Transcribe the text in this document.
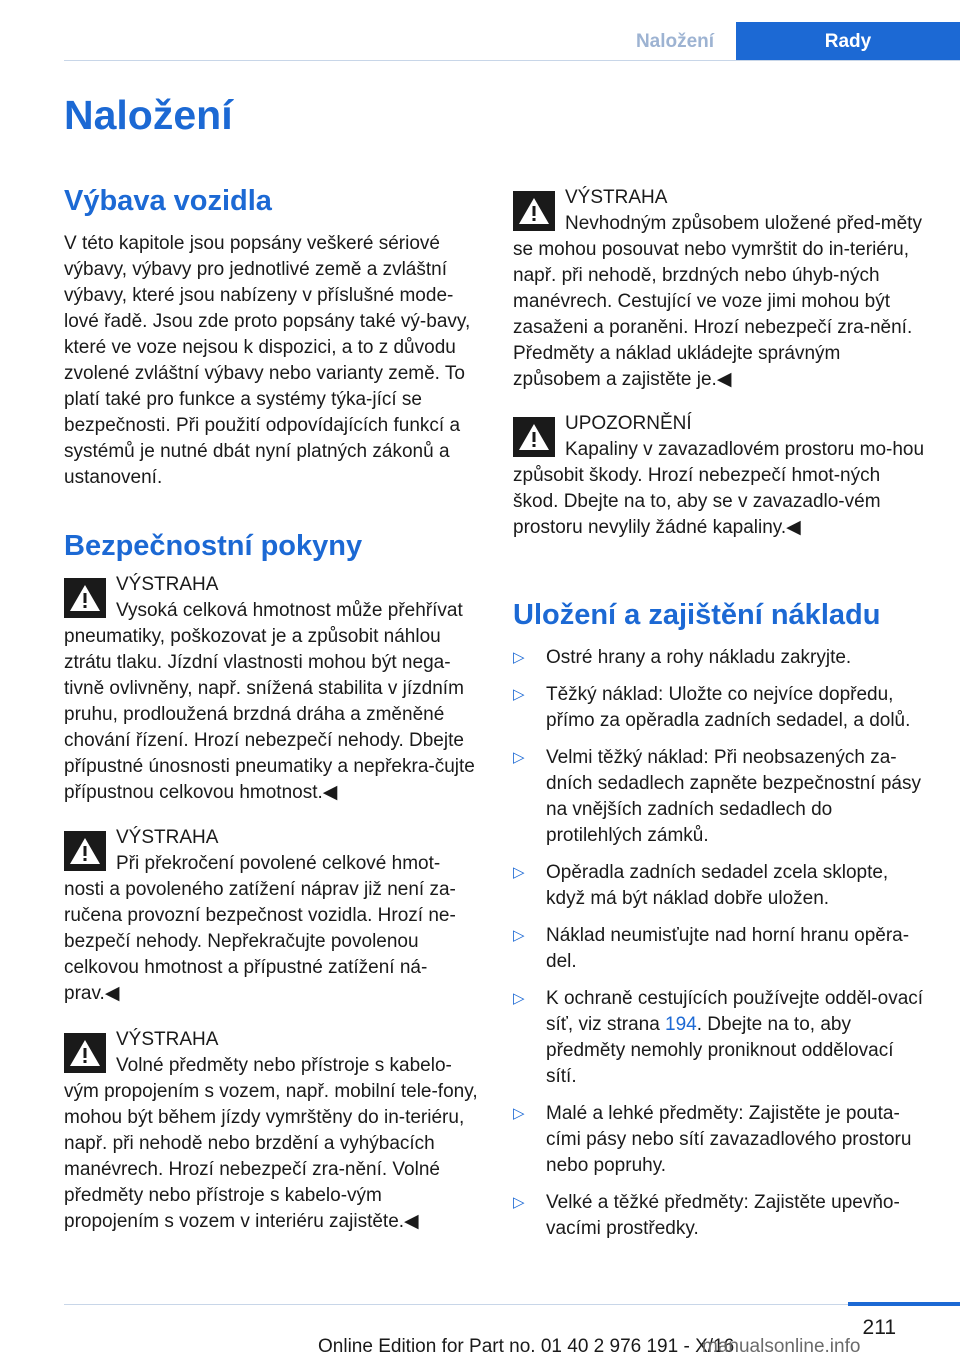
Naložení	Rady
Naložení
Výbava vozidla

V této kapitole jsou popsány veškeré sériové výbavy, výbavy pro jednotlivé země a zvláštní výbavy, které jsou nabízeny v příslušné mode‐lové řadě. Jsou zde proto popsány také vý‐bavy, které ve voze nejsou k dispozici, a to z důvodu zvolené zvláštní výbavy nebo varianty země. To platí také pro funkce a systémy týka‐jící se bezpečnosti. Při použití odpovídajících funkcí a systémů je nutné dbát nyní platných zákonů a ustanovení.

Bezpečnostní pokyny
VÝSTRAHA
Vysoká celková hmotnost může přehřívat pneumatiky, poškozovat je a způsobit náhlou ztrátu tlaku. Jízdní vlastnosti mohou být nega‐tivně ovlivněny, např. snížená stabilita v jízdním pruhu, prodloužená brzdná dráha a změněné chování řízení. Hrozí nebezpečí nehody. Dbejte přípustné únosnosti pneumatiky a nepřekra‐čujte přípustnou celkovou hmotnost.◀
VÝSTRAHA
Při překročení povolené celkové hmot‐nosti a povoleného zatížení náprav již není za‐ručena provozní bezpečnost vozidla. Hrozí ne‐bezpečí nehody. Nepřekračujte povolenou celkovou hmotnost a přípustné zatížení ná‐prav.◀
VÝSTRAHA
Volné předměty nebo přístroje s kabelo‐vým propojením s vozem, např. mobilní tele‐fony, mohou být během jízdy vymrštěny do in‐teriéru, např. při nehodě nebo brzdění a vyhýbacích manévrech. Hrozí nebezpečí zra‐nění. Volné předměty nebo přístroje s kabelo‐vým propojením s vozem v interiéru zajistěte.◀
VÝSTRAHA
Nevhodným způsobem uložené před‐měty se mohou posouvat nebo vymrštit do in‐teriéru, např. při nehodě, brzdných nebo úhyb‐ných manévrech. Cestující ve voze jimi mohou být zasaženi a poraněni. Hrozí nebezpečí zra‐nění. Předměty a náklad ukládejte správným způsobem a zajistěte je.◀
UPOZORNĚNÍ
Kapaliny v zavazadlovém prostoru mo‐hou způsobit škody. Hrozí nebezpečí hmot‐ných škod. Dbejte na to, aby se v zavazadlo‐vém prostoru nevylily žádné kapaliny.◀
Uložení a zajištění nákladu
▷ Ostré hrany a rohy nákladu zakryjte.
▷ Těžký náklad: Uložte co nejvíce dopředu, přímo za opěradla zadních sedadel, a dolů.
▷ Velmi těžký náklad: Při neobsazených za‐dních sedadlech zapněte bezpečnostní pásy na vnějších zadních sedadlech do protilehlých zámků.
▷ Opěradla zadních sedadel zcela sklopte, když má být náklad dobře uložen.
▷ Náklad neumisťujte nad horní hranu opěra‐del.
▷ K ochraně cestujících používejte odděl‐ovací síť, viz strana 194. Dbejte na to, aby předměty nemohly proniknout oddělovací sítí.
▷ Malé a lehké předměty: Zajistěte je pouta‐cími pásy nebo sítí zavazadlového prostoru nebo popruhy.
▷ Velké a těžké předměty: Zajistěte upevňo‐vacími prostředky.
211
Online Edition for Part no. 01 40 2 976 191 - X/16
manualsonline.info
